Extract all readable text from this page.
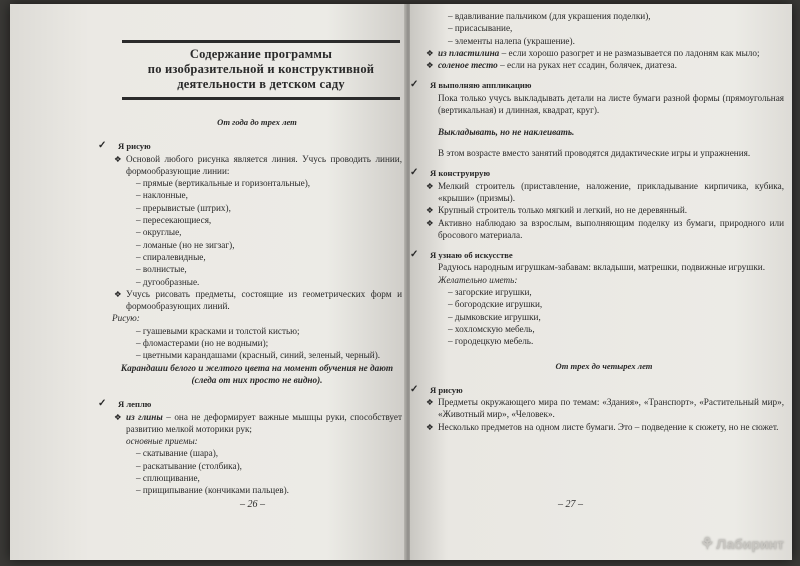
Содержание программы
по изобразительной и конструктивной
деятельности в детском саду

От года до трех лет

✓ Я рисую

❖ Основой любого рисунка является линия. Учусь проводить линии, формообразующие линии:

– прямые (вертикальные и горизонтальные),

– наклонные,

– прерывистые (штрих),

– пересекающиеся,

– округлые,

– ломаные (но не зигзаг),

– спиралевидные,

– волнистые,

– дугообразные.

❖ Учусь рисовать предметы, состоящие из геометрических форм и формообразующих линий.

Рисую:

– гуашевыми красками и толстой кистью;

– фломастерами (но не водными);

– цветными карандашами (красный, синий, зеленый, черный).

Карандаши белого и желтого цвета на момент обучения не дают (следа от них просто не видно).

✓ Я леплю

❖ из глины – она не деформирует важные мышцы руки, способствует развитию мелкой моторики рук;

основные приемы:

– скатывание (шара),

– раскатывание (столбика),

– сплющивание,

– прищипывание (кончиками пальцев).

– 26 –

– вдавливание пальчиком (для украшения поделки),

– присасывание,

– элементы налепа (украшение).

❖ из пластилина – если хорошо разогрет и не размазывается по ладоням как мыло;

❖ соленое тесто – если на руках нет ссадин, болячек, диатеза.

✓ Я выполняю аппликацию

Пока только учусь выкладывать детали на листе бумаги разной формы (прямоугольная (вертикальная) и длинная, квадрат, круг).

Выкладывать, но не наклеивать.

В этом возрасте вместо занятий проводятся дидактические игры и упражнения.

✓ Я конструирую

❖ Мелкий строитель (приставление, наложение, прикладывание кирпичика, кубика, «крыши» (призмы).

❖ Крупный строитель только мягкий и легкий, но не деревянный.

❖ Активно наблюдаю за взрослым, выполняющим поделку из бумаги, природного или бросового материала.

✓ Я узнаю об искусстве

Радуюсь народным игрушкам-забавам: вкладыши, матрешки, подвижные игрушки.

Желательно иметь:

– загорские игрушки,

– богородские игрушки,

– дымковские игрушки,

– хохломскую мебель,

– городецкую мебель.

От трех до четырех лет

✓ Я рисую

❖ Предметы окружающего мира по темам: «Здания», «Транспорт», «Растительный мир», «Животный мир», «Человек».

❖ Несколько предметов на одном листе бумаги. Это – подведение к сюжету, но не сюжет.

– 27 –
⚘ Лабиринт
